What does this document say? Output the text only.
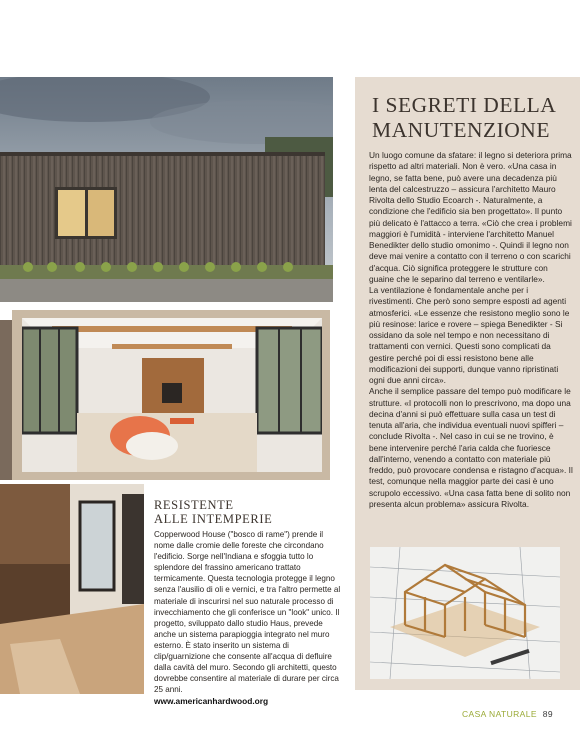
I SEGRETI DELLA
MANUTENZIONE

Un luogo comune da sfatare: il legno si deteriora prima rispetto ad altri materiali. Non è vero. «Una casa in legno, se fatta bene, può avere una decadenza più lenta del calcestruzzo – assicura l'architetto Mauro Rivolta dello Studio Ecoarch -. Naturalmente, a condizione che l'edificio sia ben progettato». Il punto più delicato è l'attacco a terra. «Ciò che crea i problemi maggiori è l'umidità - interviene l'architetto Manuel Benedikter dello studio omonimo -. Quindi il legno non deve mai venire a contatto con il terreno o con scarichi d'acqua. Ciò significa proteggere le strutture con guaine che le separino dal terreno e ventilarle».

La ventilazione è fondamentale anche per i rivestimenti. Che però sono sempre esposti ad agenti atmosferici. «Le essenze che resistono meglio sono le più resinose: larice e rovere – spiega Benedikter - Si ossidano da sole nel tempo e non necessitano di trattamenti con vernici. Questi sono complicati da gestire perché poi di essi resistono bene alle modificazioni dei supporti, dunque vanno ripristinati ogni due anni circa».

Anche il semplice passare del tempo può modificare le strutture. «I protocolli non lo prescrivono, ma dopo una decina d'anni si può effettuare sulla casa un test di tenuta all'aria, che individua eventuali nuovi spifferi – conclude Rivolta -. Nel caso in cui se ne trovino, è bene intervenire perché l'aria calda che fuoriesce dall'interno, venendo a contatto con materiale più freddo, può provocare condensa e ristagno d'acqua». Il test, comunque nella maggior parte dei casi è uno scrupolo eccessivo. «Una casa fatta bene di solito non presenta alcun problema» assicura Rivolta.

RESISTENTE
ALLE INTEMPERIE

Copperwood House ("bosco di rame") prende il nome dalle cromie delle foreste che circondano l'edificio. Sorge nell'Indiana e sfoggia tutto lo splendore del frassino americano trattato termicamente. Questa tecnologia protegge il legno senza l'ausilio di oli e vernici, e tra l'altro permette al materiale di inscurirsi nel suo naturale processo di invecchiamento che gli conferisce un "look" unico. Il progetto, sviluppato dallo studio Haus, prevede anche un sistema parapioggia integrato nel muro esterno. È stato inserito un sistema di clip/guarnizione che consente all'acqua di defluire dalla cavità del muro. Secondo gli architetti, questo dovrebbe consentire al materiale di durare per circa 25 anni.

www.americanhardwood.org
CASA NATURALE 89
